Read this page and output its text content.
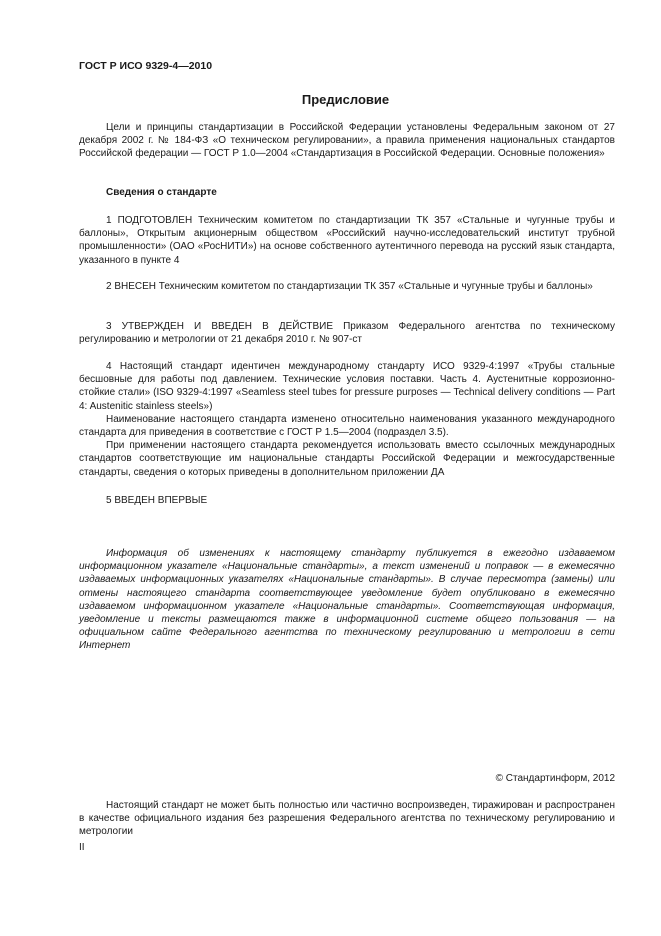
ГОСТ Р ИСО 9329-4—2010
Предисловие

Цели и принципы стандартизации в Российской Федерации установлены Федеральным законом от 27 декабря 2002 г. № 184-ФЗ «О техническом регулировании», а правила применения национальных стандартов Российской федерации — ГОСТ Р 1.0—2004 «Стандартизация в Российской Федерации. Основные положения»

Сведения о стандарте

1 ПОДГОТОВЛЕН Техническим комитетом по стандартизации ТК 357 «Стальные и чугунные трубы и баллоны», Открытым акционерным обществом «Российский научно-исследовательский институт трубной промышленности» (ОАО «РосНИТИ») на основе собственного аутентичного перевода на русский язык стандарта, указанного в пункте 4

2 ВНЕСЕН Техническим комитетом по стандартизации ТК 357 «Стальные и чугунные трубы и баллоны»

3 УТВЕРЖДЕН И ВВЕДЕН В ДЕЙСТВИЕ Приказом Федерального агентства по техническому регулированию и метрологии от 21 декабря 2010 г. № 907-ст

4 Настоящий стандарт идентичен международному стандарту ИСО 9329-4:1997 «Трубы стальные бесшовные для работы под давлением. Технические условия поставки. Часть 4. Аустенитные коррозионно-стойкие стали» (ISO 9329-4:1997 «Seamless steel tubes for pressure purposes — Technical delivery conditions — Part 4: Austenitic stainless steels»)

Наименование настоящего стандарта изменено относительно наименования указанного международного стандарта для приведения в соответствие с ГОСТ Р 1.5—2004 (подраздел 3.5).

При применении настоящего стандарта рекомендуется использовать вместо ссылочных международных стандартов соответствующие им национальные стандарты Российской Федерации и межгосударственные стандарты, сведения о которых приведены в дополнительном приложении ДА

5 ВВЕДЕН ВПЕРВЫЕ

Информация об изменениях к настоящему стандарту публикуется в ежегодно издаваемом информационном указателе «Национальные стандарты», а текст изменений и поправок — в ежемесячно издаваемых информационных указателях «Национальные стандарты». В случае пересмотра (замены) или отмены настоящего стандарта соответствующее уведомление будет опубликовано в ежемесячно издаваемом информационном указателе «Национальные стандарты». Соответствующая информация, уведомление и тексты размещаются также в информационной системе общего пользования — на официальном сайте Федерального агентства по техническому регулированию и метрологии в сети Интернет

© Стандартинформ, 2012

Настоящий стандарт не может быть полностью или частично воспроизведен, тиражирован и распространен в качестве официального издания без разрешения Федерального агентства по техническому регулированию и метрологии

II
